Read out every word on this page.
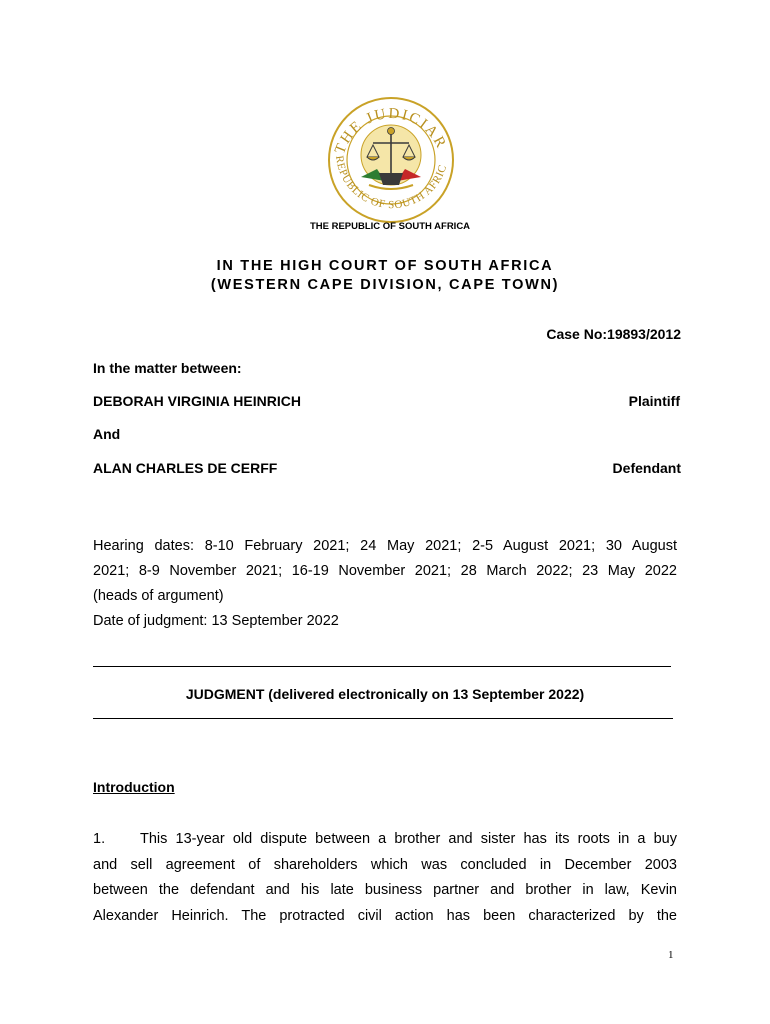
THE JUDICIAR
REPUBLIC OF SOUTH AFRIC
THE REPUBLIC OF SOUTH AFRICA
IN THE HIGH COURT OF SOUTH AFRICA
(WESTERN CAPE DIVISION, CAPE TOWN)
Case No:19893/2012
In the matter between:
DEBORAH VIRGINIA HEINRICH	Plaintiff
And
ALAN CHARLES DE CERFF	Defendant
Hearing dates: 8-10 February 2021; 24 May 2021; 2-5 August 2021; 30 August
2021; 8-9 November 2021; 16-19 November 2021; 28 March 2022; 23 May 2022
(heads of argument)
Date of judgment: 13 September 2022
JUDGMENT (delivered electronically on 13 September 2022)
Introduction
1. This 13-year old dispute between a brother and sister has its roots in a buy
and sell agreement of shareholders which was concluded in December 2003
between the defendant and his late business partner and brother in law, Kevin
Alexander Heinrich. The protracted civil action has been characterized by the
1
